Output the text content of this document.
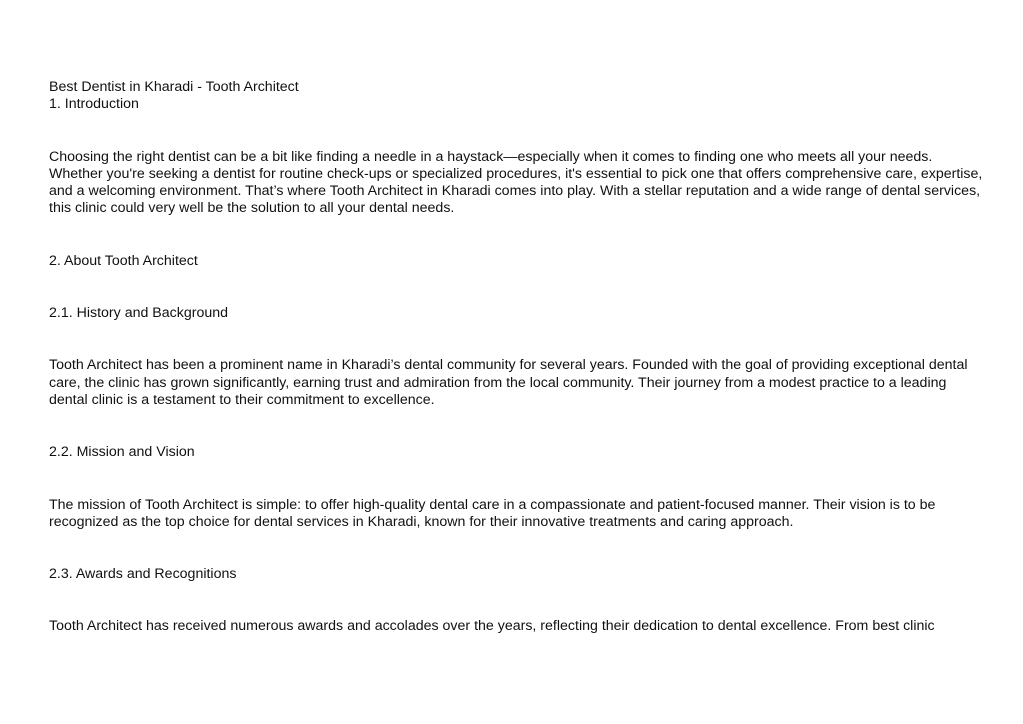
Best Dentist in Kharadi - Tooth Architect
1. Introduction

Choosing the right dentist can be a bit like finding a needle in a haystack—especially when it comes to finding one who meets all your needs. Whether you're seeking a dentist for routine check-ups or specialized procedures, it's essential to pick one that offers comprehensive care, expertise, and a welcoming environment. That’s where Tooth Architect in Kharadi comes into play. With a stellar reputation and a wide range of dental services, this clinic could very well be the solution to all your dental needs.

2. About Tooth Architect
2.1. History and Background

Tooth Architect has been a prominent name in Kharadi’s dental community for several years. Founded with the goal of providing exceptional dental care, the clinic has grown significantly, earning trust and admiration from the local community. Their journey from a modest practice to a leading dental clinic is a testament to their commitment to excellence.

2.2. Mission and Vision

The mission of Tooth Architect is simple: to offer high-quality dental care in a compassionate and patient-focused manner. Their vision is to be recognized as the top choice for dental services in Kharadi, known for their innovative treatments and caring approach.

2.3. Awards and Recognitions

Tooth Architect has received numerous awards and accolades over the years, reflecting their dedication to dental excellence. From best clinic
